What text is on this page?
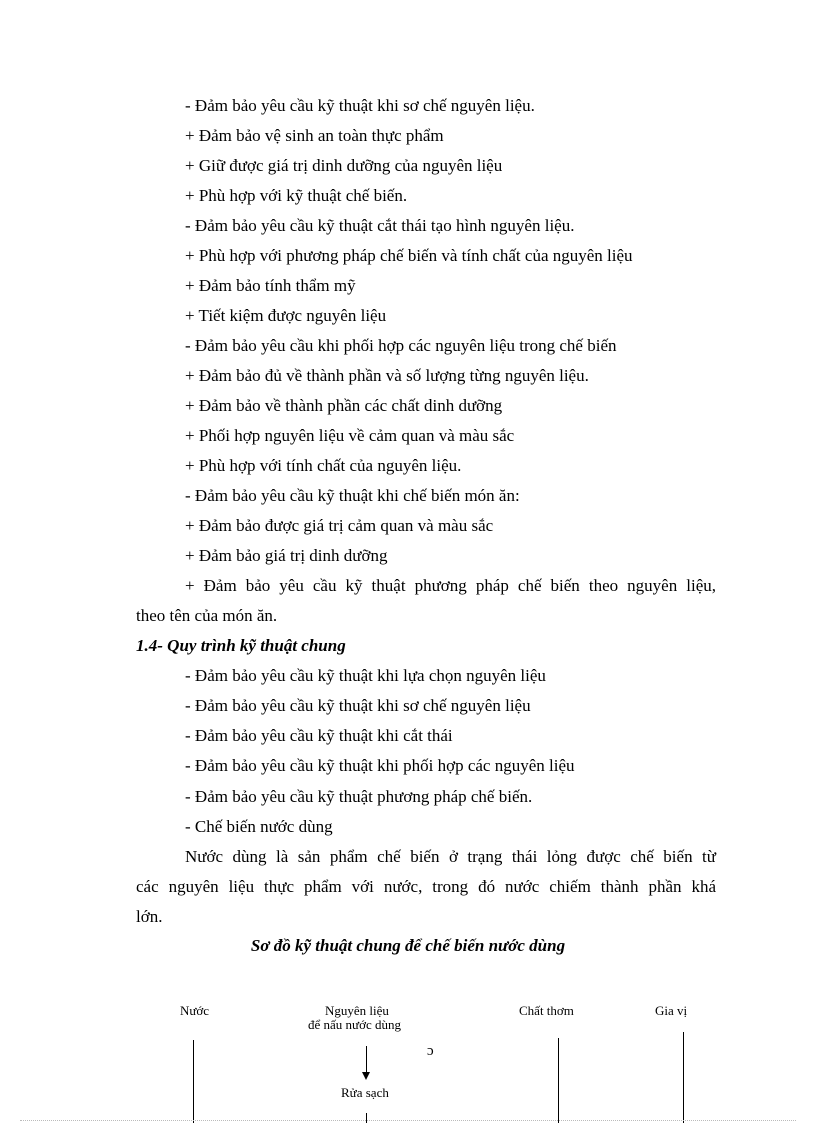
- Đảm bảo yêu cầu kỹ thuật khi sơ chế nguyên liệu.
+ Đảm bảo vệ sinh an toàn thực phẩm
+ Giữ được giá trị dinh dưỡng của nguyên liệu
+ Phù hợp với kỹ thuật chế biến.
- Đảm bảo yêu cầu kỹ thuật cắt thái tạo hình nguyên liệu.
+ Phù hợp với phương pháp chế biến và tính chất của nguyên liệu
+ Đảm bảo tính thẩm mỹ
+ Tiết kiệm được nguyên liệu
- Đảm bảo yêu cầu khi phối hợp các nguyên liệu trong chế biến
+ Đảm bảo đủ về thành phần và số lượng từng nguyên liệu.
+ Đảm bảo về thành phần các chất dinh dưỡng
+ Phối hợp nguyên liệu về cảm quan và màu sắc
+ Phù hợp với tính chất của nguyên liệu.
- Đảm bảo yêu cầu kỹ thuật khi chế biến món ăn:
+ Đảm bảo được giá trị cảm quan và màu sắc
+ Đảm bảo giá trị dinh dưỡng
+ Đảm bảo yêu cầu kỹ thuật phương pháp chế biến theo nguyên liệu,
theo tên của món ăn.
1.4- Quy trình kỹ thuật chung
- Đảm bảo yêu cầu kỹ thuật khi lựa chọn nguyên liệu
- Đảm bảo yêu cầu kỹ thuật khi sơ chế nguyên liệu
- Đảm bảo yêu cầu kỹ thuật khi cắt thái
- Đảm bảo yêu cầu kỹ thuật khi phối hợp các nguyên liệu
- Đảm bảo yêu cầu kỹ thuật phương pháp chế biến.
- Chế biến nước dùng
Nước dùng là sản phẩm chế biến ở trạng thái lỏng được chế biến từ
các nguyên liệu thực phẩm với nước, trong đó nước chiếm thành phần khá
lớn.
Sơ đồ kỹ thuật chung để chế biến nước dùng
Nước	Nguyên liệu
để nấu nước dùng
Chất thơm	Gia vị
ɔ
Rửa sạch
